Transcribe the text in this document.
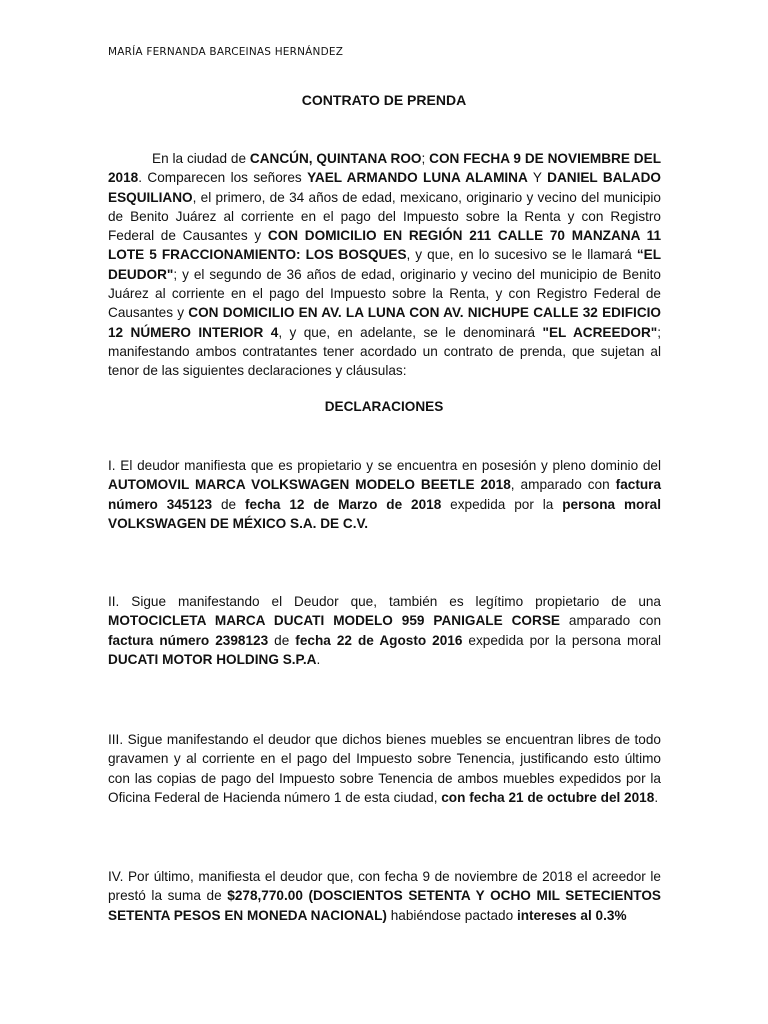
MARÍA FERNANDA BARCEINAS HERNÁNDEZ
CONTRATO DE PRENDA
En la ciudad de CANCÚN, QUINTANA ROO; CON FECHA 9 DE NOVIEMBRE DEL 2018. Comparecen los señores YAEL ARMANDO LUNA ALAMINA Y DANIEL BALADO ESQUILIANO, el primero, de 34 años de edad, mexicano, originario y vecino del municipio de Benito Juárez al corriente en el pago del Impuesto sobre la Renta y con Registro Federal de Causantes y CON DOMICILIO EN REGIÓN 211 CALLE 70 MANZANA 11 LOTE 5 FRACCIONAMIENTO: LOS BOSQUES, y que, en lo sucesivo se le llamará “EL DEUDOR"; y el segundo de 36 años de edad, originario y vecino del municipio de Benito Juárez al corriente en el pago del Impuesto sobre la Renta, y con Registro Federal de Causantes y CON DOMICILIO EN AV. LA LUNA CON AV. NICHUPE CALLE 32 EDIFICIO 12 NÚMERO INTERIOR 4, y que, en adelante, se le denominará "EL ACREEDOR"; manifestando ambos contratantes tener acordado un contrato de prenda, que sujetan al tenor de las siguientes declaraciones y cláusulas:
DECLARACIONES
I. El deudor manifiesta que es propietario y se encuentra en posesión y pleno dominio del AUTOMOVIL MARCA VOLKSWAGEN MODELO BEETLE 2018, amparado con factura número 345123 de fecha 12 de Marzo de 2018 expedida por la persona moral VOLKSWAGEN DE MÉXICO S.A. DE C.V.
II. Sigue manifestando el Deudor que, también es legítimo propietario de una MOTOCICLETA MARCA DUCATI MODELO 959 PANIGALE CORSE amparado con factura número 2398123 de fecha 22 de Agosto 2016 expedida por la persona moral DUCATI MOTOR HOLDING S.P.A.
III. Sigue manifestando el deudor que dichos bienes muebles se encuentran libres de todo gravamen y al corriente en el pago del Impuesto sobre Tenencia, justificando esto último con las copias de pago del Impuesto sobre Tenencia de ambos muebles expedidos por la Oficina Federal de Hacienda número 1 de esta ciudad, con fecha 21 de octubre del 2018.
IV. Por último, manifiesta el deudor que, con fecha 9 de noviembre de 2018 el acreedor le prestó la suma de $278,770.00 (DOSCIENTOS SETENTA Y OCHO MIL SETECIENTOS SETENTA PESOS EN MONEDA NACIONAL) habiéndose pactado intereses al 0.3%
